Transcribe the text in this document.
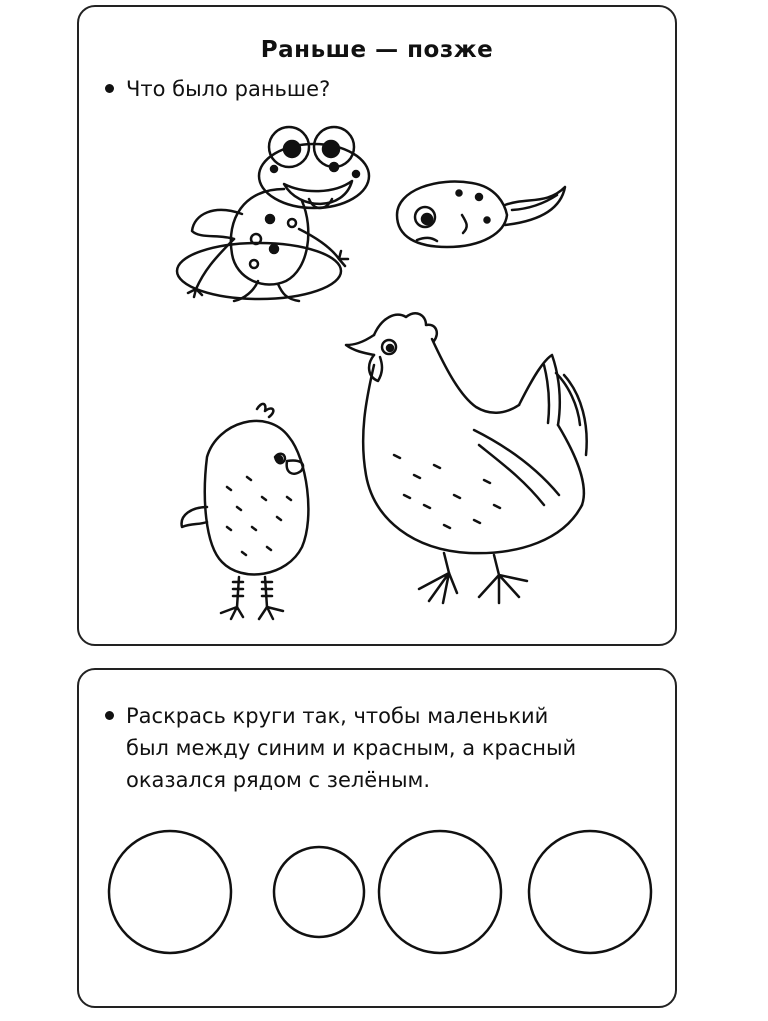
Раньше — позже
Что было раньше?
Раскрась круги так, чтобы маленький
был между синим и красным, а красный
оказался рядом с зелёным.
